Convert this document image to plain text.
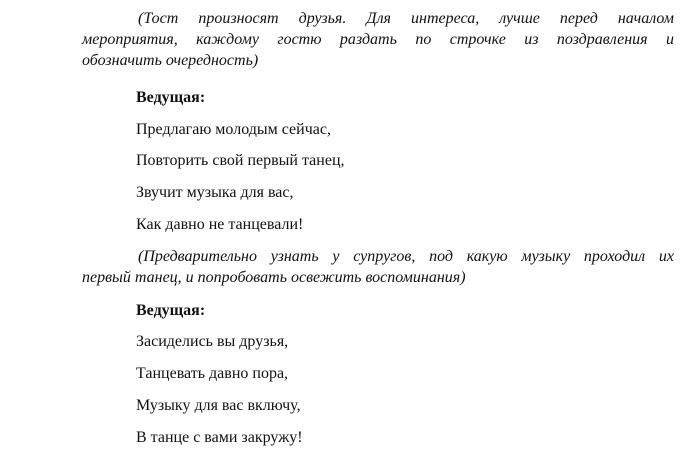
(Тост произносят друзья. Для интереса, лучше перед началом
мероприятия, каждому гостю раздать по строчке из поздравления и
обозначить очередность)

Ведущая:

Предлагаю молодым сейчас,

Повторить свой первый танец,

Звучит музыка для вас,

Как давно не танцевали!

(Предварительно узнать у супругов, под какую музыку проходил их
первый танец, и попробовать освежить воспоминания)

Ведущая:

Засиделись вы друзья,

Танцевать давно пора,

Музыку для вас включу,

В танце с вами закружу!
